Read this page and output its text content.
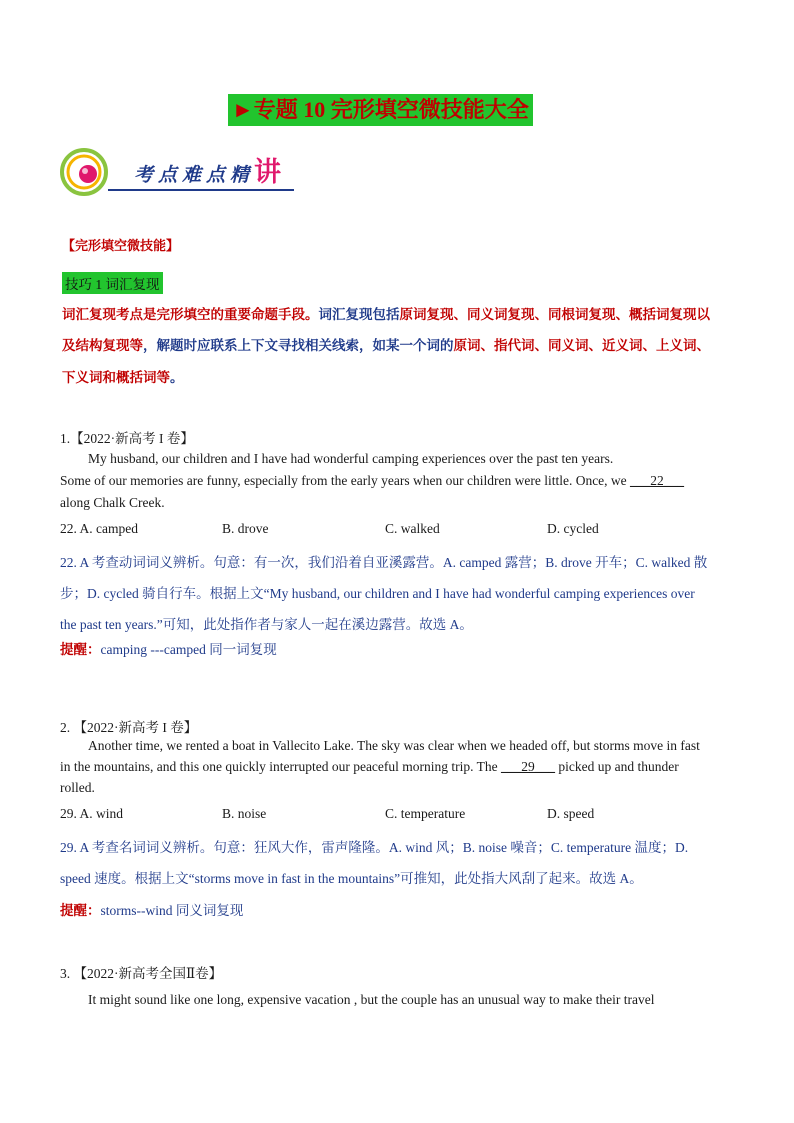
►专题 10 完形填空微技能大全
考点难点精讲
【完形填空微技能】
技巧 1 词汇复现
词汇复现考点是完形填空的重要命题手段。词汇复现包括原词复现、同义词复现、同根词复现、概括词复现以
及结构复现等，解题时应联系上下文寻找相关线索，如某一个词的原词、指代词、同义词、近义词、上义词、
下义词和概括词等。
1.【2022·新高考 I 卷】
My husband, our children and I have had wonderful camping experiences over the past ten years.
Some of our memories are funny, especially from the early years when our children were little. Once, we ___22___
along Chalk Creek.
22. A. camped	B. drove	C. walked	D. cycled
22. A 考查动词词义辨析。句意：有一次，我们沿着自亚溪露营。A. camped 露营；B. drove 开车；C. walked 散
步；D. cycled 骑自行车。根据上文“My husband, our children and I have had wonderful camping experiences over
the past ten years.”可知，此处指作者与家人一起在溪边露营。故选 A。
提醒：camping ---camped 同一词复现
2. 【2022·新高考 I 卷】
Another time, we rented a boat in Vallecito Lake. The sky was clear when we headed off, but storms move in fast
in the mountains, and this one quickly interrupted our peaceful morning trip. The ___29___ picked up and thunder
rolled.
29. A. wind	B. noise	C. temperature	D. speed
29. A 考查名词词义辨析。句意：狂风大作，雷声隆隆。A. wind 风；B. noise 噪音；C. temperature 温度；D.
speed 速度。根据上文“storms move in fast in the mountains”可推知，此处指大风刮了起来。故选 A。
提醒：storms--wind 同义词复现
3. 【2022·新高考全国Ⅱ卷】
It might sound like one long, expensive vacation , but the couple has an unusual way to make their travel
